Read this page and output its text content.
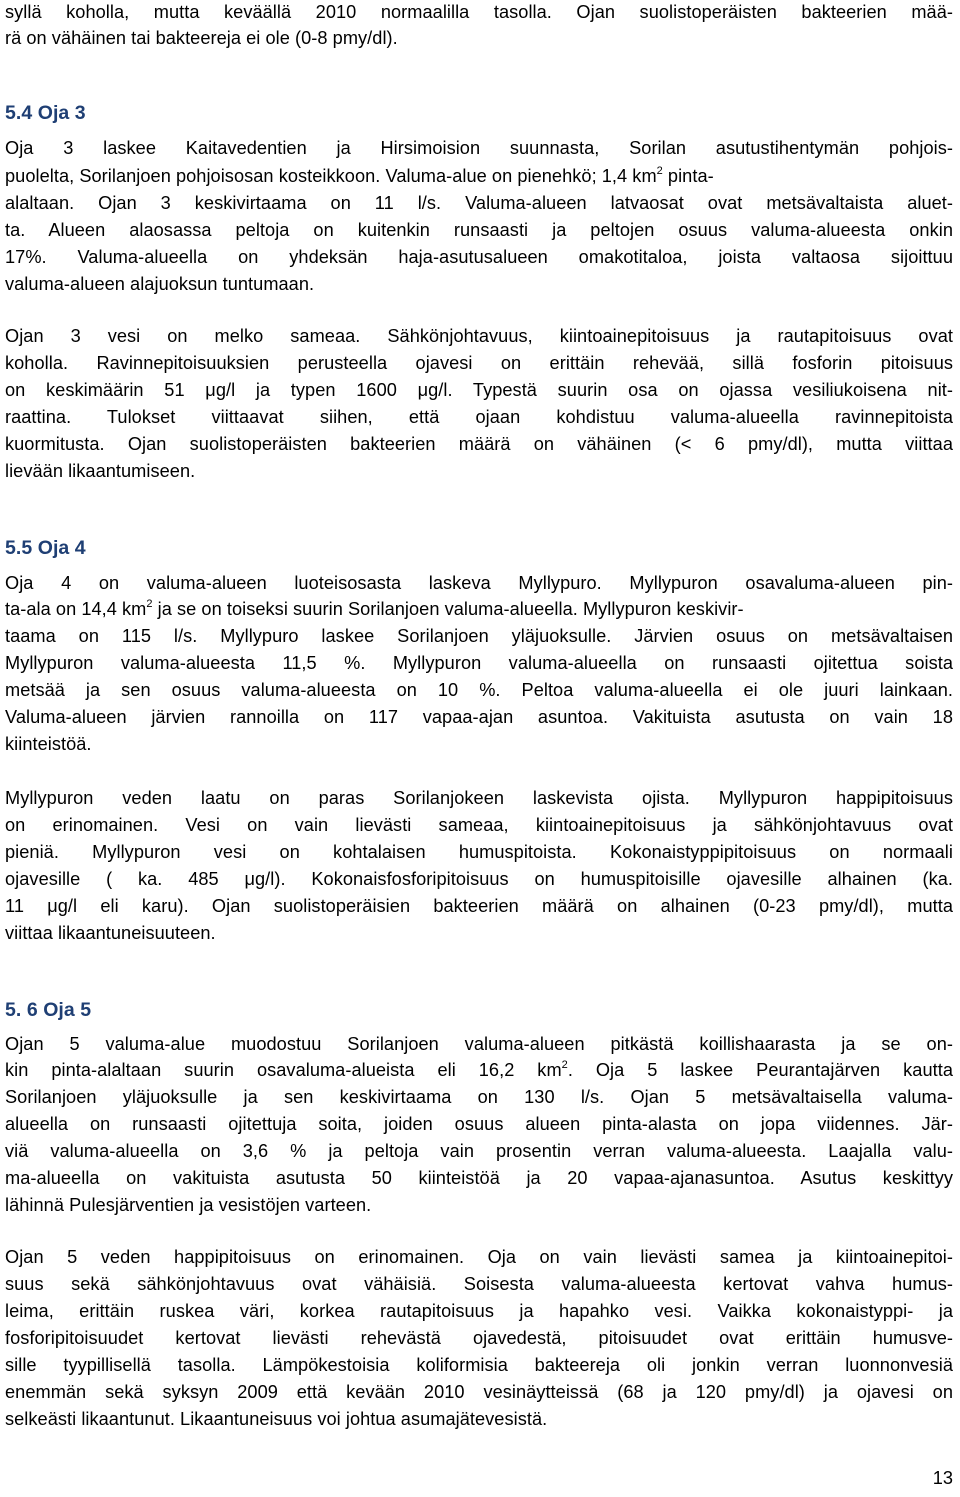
syllä koholla, mutta keväällä 2010 normaalilla tasolla. Ojan suolistoperäisten bakteerien mää-
rä on vähäinen tai bakteereja ei ole (0-8 pmy/dl).
5.4 Oja 3
Oja 3 laskee Kaitavedentien ja Hirsimoision suunnasta, Sorilan asutustihentymän pohjois-
puolelta, Sorilanjoen pohjoisosan kosteikkoon. Valuma-alue on pienehkö; 1,4 $km^2$ pinta-
alaltaan. Ojan 3 keskivirtaama on 11 l/s. Valuma-alueen latvaosat ovat metsävaltaista aluet-
ta. Alueen alaosassa peltoja on kuitenkin runsaasti ja peltojen osuus valuma-alueesta onkin
17%. Valuma-alueella on yhdeksän haja-asutusalueen omakotitaloa, joista valtaosa sijoittuu
valuma-alueen alajuoksun tuntumaan.
Ojan 3 vesi on melko sameaa. Sähkönjohtavuus, kiintoainepitoisuus ja rautapitoisuus ovat
koholla. Ravinnepitoisuuksien perusteella ojavesi on erittäin rehevää, sillä fosforin pitoisuus
on keskimäärin 51 μg/l ja typen 1600 μg/l. Typestä suurin osa on ojassa vesiliukoisena nit-
raattina. Tulokset viittaavat siihen, että ojaan kohdistuu valuma-alueella ravinnepitoista
kuormitusta. Ojan suolistoperäisten bakteerien määrä on vähäinen (< 6 pmy/dl), mutta viittaa
lievään likaantumiseen.
5.5 Oja 4
Oja 4 on valuma-alueen luoteisosasta laskeva Myllypuro. Myllypuron osavaluma-alueen pin-
ta-ala on 14,4 $km^2$ ja se on toiseksi suurin Sorilanjoen valuma-alueella. Myllypuron keskivir-
taama on 115 l/s. Myllypuro laskee Sorilanjoen yläjuoksulle. Järvien osuus on metsävaltaisen
Myllypuron valuma-alueesta 11,5 %. Myllypuron valuma-alueella on runsaasti ojitettua soista
metsää ja sen osuus valuma-alueesta on 10 %. Peltoa valuma-alueella ei ole juuri lainkaan.
Valuma-alueen järvien rannoilla on 117 vapaa-ajan asuntoa. Vakituista asutusta on vain 18
kiinteistöä.
Myllypuron veden laatu on paras Sorilanjokeen laskevista ojista. Myllypuron happipitoisuus
on erinomainen. Vesi on vain lievästi sameaa, kiintoainepitoisuus ja sähkönjohtavuus ovat
pieniä. Myllypuron vesi on kohtalaisen humuspitoista. Kokonaistyppipitoisuus on normaali
ojavesille ( ka. 485 μg/l). Kokonaisfosforipitoisuus on humuspitoisille ojavesille alhainen (ka.
11 μg/l eli karu). Ojan suolistoperäisien bakteerien määrä on alhainen (0-23 pmy/dl), mutta
viittaa likaantuneisuuteen.
5. 6 Oja 5
Ojan 5 valuma-alue muodostuu Sorilanjoen valuma-alueen pitkästä koillishaarasta ja se on-
kin pinta-alaltaan suurin osavaluma-alueista eli 16,2 $km^2$. Oja 5 laskee Peurantajärven kautta
Sorilanjoen yläjuoksulle ja sen keskivirtaama on 130 l/s. Ojan 5 metsävaltaisella valuma-
alueella on runsaasti ojitettuja soita, joiden osuus alueen pinta-alasta on jopa viidennes. Jär-
viä valuma-alueella on 3,6 % ja peltoja vain prosentin verran valuma-alueesta. Laajalla valu-
ma-alueella on vakituista asutusta 50 kiinteistöä ja 20 vapaa-ajanasuntoa. Asutus keskittyy
lähinnä Pulesjärventien ja vesistöjen varteen.
Ojan 5 veden happipitoisuus on erinomainen. Oja on vain lievästi samea ja kiintoainepitoi-
suus sekä sähkönjohtavuus ovat vähäisiä. Soisesta valuma-alueesta kertovat vahva humus-
leima, erittäin ruskea väri, korkea rautapitoisuus ja hapahko vesi. Vaikka kokonaistyppi- ja
fosforipitoisuudet kertovat lievästi rehevästä ojavedestä, pitoisuudet ovat erittäin humusve-
sille tyypillisellä tasolla. Lämpökestoisia koliformisia bakteereja oli jonkin verran luonnonvesiä
enemmän sekä syksyn 2009 että kevään 2010 vesinäytteissä (68 ja 120 pmy/dl) ja ojavesi on
selkeästi likaantunut. Likaantuneisuus voi johtua asumajätevesistä.
13
